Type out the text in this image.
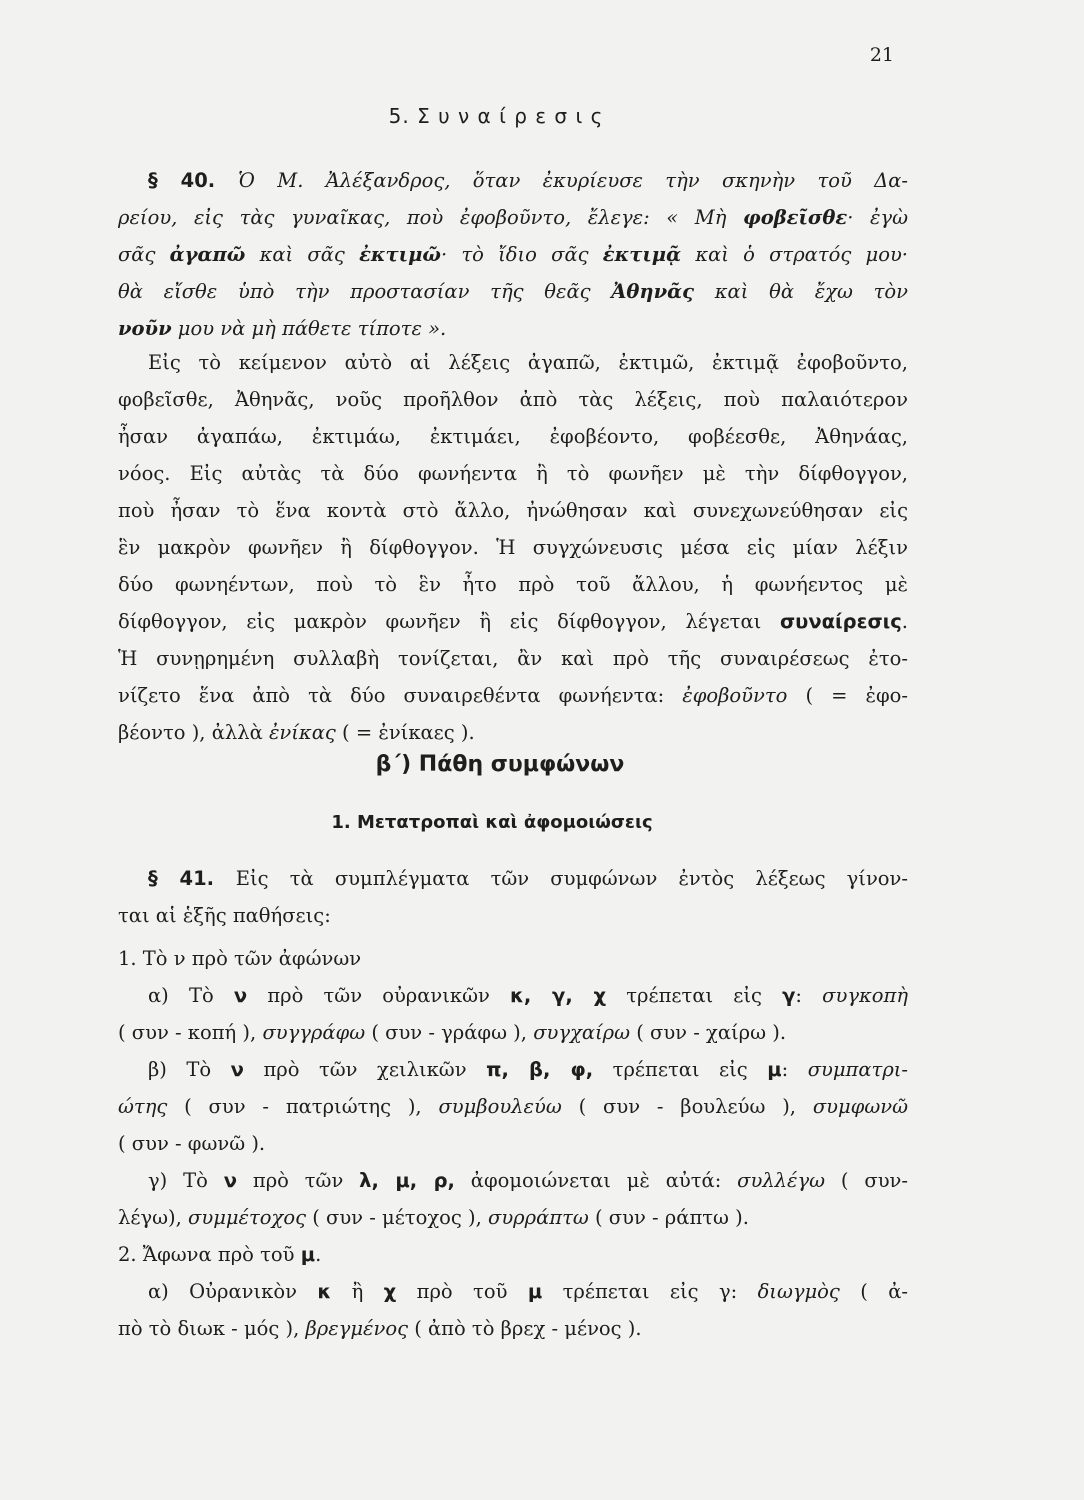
21
5. Σ υ ν α ί ρ ε σ ι ς
§ 40. Ὁ Μ. Ἀλέξανδρος, ὅταν ἐκυρίευσε τὴν σκηνὴν τοῦ Δα-
ρείου, εἰς τὰς γυναῖκας, ποὺ ἐφοβοῦντο, ἔλεγε: « Μὴ φοβεῖσθε· ἐγὼ
σᾶς ἀγαπῶ καὶ σᾶς ἐκτιμῶ· τὸ ἴδιο σᾶς ἐκτιμᾷ καὶ ὁ στρατός μου·
θὰ εἴσθε ὑπὸ τὴν προστασίαν τῆς θεᾶς Ἀθηνᾶς καὶ θὰ ἔχω τὸν
νοῦν μου νὰ μὴ πάθετε τίποτε ».
Εἰς τὸ κείμενον αὐτὸ αἱ λέξεις ἀγαπῶ, ἐκτιμῶ, ἐκτιμᾷ ἐφοβοῦντο,
φοβεῖσθε, Ἀθηνᾶς, νοῦς προῆλθον ἀπὸ τὰς λέξεις, ποὺ παλαιότερον
ἦσαν ἀγαπάω, ἐκτιμάω, ἐκτιμάει, ἐφοβέοντο, φοβέεσθε, Ἀθηνάας,
νόος. Εἰς αὐτὰς τὰ δύο φωνήεντα ἢ τὸ φωνῆεν μὲ τὴν δίφθογγον,
ποὺ ἦσαν τὸ ἕνα κοντὰ στὸ ἄλλο, ἠνώθησαν καὶ συνεχωνεύθησαν εἰς
ἓν μακρὸν φωνῆεν ἢ δίφθογγον. Ἡ συγχώνευσις μέσα εἰς μίαν λέξιν
δύο φωνηέντων, ποὺ τὸ ἓν ἦτο πρὸ τοῦ ἄλλου, ἡ φωνήεντος μὲ
δίφθογγον, εἰς μακρὸν φωνῆεν ἢ εἰς δίφθογγον, λέγεται συναίρεσις.
Ἡ συνῃρημένη συλλαβὴ τονίζεται, ἂν καὶ πρὸ τῆς συναιρέσεως ἐτο-
νίζετο ἕνα ἀπὸ τὰ δύο συναιρεθέντα φωνήεντα: ἐφοβοῦντο ( = ἐφο-
βέοντο ), ἀλλὰ ἐνίκας ( = ἐνίκαες ).
β΄) Πάθη συμφώνων
1. Μετατροπαὶ καὶ ἀφομοιώσεις
§ 41. Εἰς τὰ συμπλέγματα τῶν συμφώνων ἐντὸς λέξεως γίνον-
ται αἱ ἑξῆς παθήσεις:
1. Τὸ ν πρὸ τῶν ἀφώνων
α) Τὸ ν πρὸ τῶν οὐρανικῶν κ, γ, χ τρέπεται εἰς γ: συγκοπὴ
( συν - κοπή ), συγγράφω ( συν - γράφω ), συγχαίρω ( συν - χαίρω ).
β) Τὸ ν πρὸ τῶν χειλικῶν π, β, φ, τρέπεται εἰς μ: συμπατρι-
ώτης ( συν - πατριώτης ), συμβουλεύω ( συν - βουλεύω ), συμφωνῶ
( συν - φωνῶ ).
γ) Τὸ ν πρὸ τῶν λ, μ, ρ, ἀφομοιώνεται μὲ αὐτά: συλλέγω ( συν-
λέγω), συμμέτοχος ( συν - μέτοχος ), συρράπτω ( συν - ράπτω ).
2. Ἄφωνα πρὸ τοῦ μ.
α) Οὐρανικὸν κ ἢ χ πρὸ τοῦ μ τρέπεται εἰς γ: διωγμὸς ( ἀ-
πὸ τὸ διωκ - μός ), βρεγμένος ( ἀπὸ τὸ βρεχ - μένος ).
